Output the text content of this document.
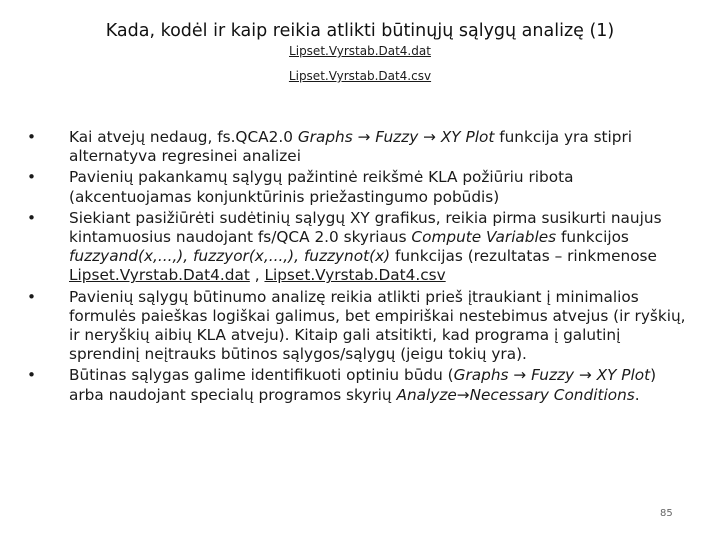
Kada, kodėl ir kaip reikia atlikti būtinųjų sąlygų analizę (1)
Lipset.Vyrstab.Dat4.dat
Lipset.Vyrstab.Dat4.csv
• Kai atvejų nedaug, fs.QCA2.0 Graphs → Fuzzy → XY Plot funkcija yra stipri alternatyva regresinei analizei
• Pavienių pakankamų sąlygų pažintinė reikšmė KLA požiūriu ribota (akcentuojamas konjunktūrinis priežastingumo pobūdis)
• Siekiant pasižiūrėti sudėtinių sąlygų XY grafikus, reikia pirma susikurti naujus kintamuosius naudojant fs/QCA 2.0 skyriaus Compute Variables funkcijos fuzzyand(x,...,), fuzzyor(x,...,), fuzzynot(x) funkcijas (rezultatas – rinkmenose Lipset.Vyrstab.Dat4.dat , Lipset.Vyrstab.Dat4.csv
• Pavienių sąlygų būtinumo analizę reikia atlikti prieš įtraukiant į minimalios formulės paieškas logiškai galimus, bet empiriškai nestebimus atvejus (ir ryškių, ir neryškių aibių KLA atveju). Kitaip gali atsitikti, kad programa į galutinį sprendinį neįtrauks būtinos sąlygos/sąlygų (jeigu tokių yra).
• Būtinas sąlygas galime identifikuoti optiniu būdu (Graphs → Fuzzy → XY Plot) arba naudojant specialų programos skyrių Analyze→Necessary Conditions.
85
